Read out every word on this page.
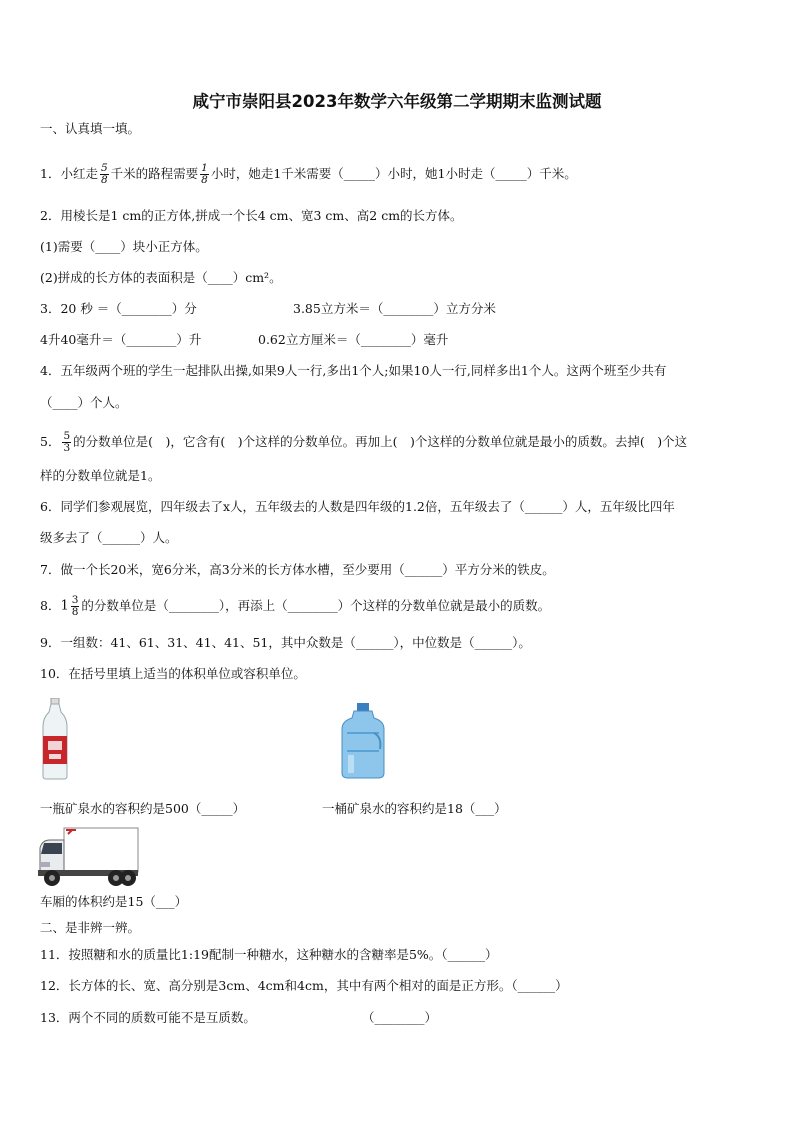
咸宁市崇阳县2023年数学六年级第二学期期末监测试题
一、认真填一填。
1．小红走 $\frac{5}{8}$ 千米的路程需要 $\frac{1}{8}$ 小时，她走1千米需要（_____）小时，她1小时走（_____）千米。
2．用棱长是1 cm的正方体,拼成一个长4 cm、宽3 cm、高2 cm的长方体。
(1)需要（____）块小正方体。
(2)拼成的长方体的表面积是（____）cm²。
3．20 秒 ＝（________）分	3.85立方米＝（________）立方分米
4升40毫升＝（________）升	0.62立方厘米＝（________）毫升
4．五年级两个班的学生一起排队出操,如果9人一行,多出1个人;如果10人一行,同样多出1个人。这两个班至少共有
（____）个人。
5． $\frac{5}{3}$ 的分数单位是(　)，它含有(　)个这样的分数单位。再加上(　)个这样的分数单位就是最小的质数。去掉(　)个这
样的分数单位就是1。
6．同学们参观展览，四年级去了x人，五年级去的人数是四年级的1.2倍，五年级去了（______）人，五年级比四年
级多去了（______）人。
7．做一个长20米，宽6分米，高3分米的长方体水槽，至少要用（______）平方分米的铁皮。
8．$1 \frac{3}{8}$ 的分数单位是（________），再添上（________）个这样的分数单位就是最小的质数。
9．一组数：41、61、31、41、41、51，其中众数是（______），中位数是（______）。
10．在括号里填上适当的体积单位或容积单位。
一瓶矿泉水的容积约是500（_____）	一桶矿泉水的容积约是18（___）
车厢的体积约是15（___）
二、是非辨一辨。
11．按照糖和水的质量比1:19配制一种糖水，这种糖水的含糖率是5%。（______）
12．长方体的长、宽、高分别是3cm、4cm和4cm，其中有两个相对的面是正方形。（______）
13．两个不同的质数可能不是互质数。	（________）
